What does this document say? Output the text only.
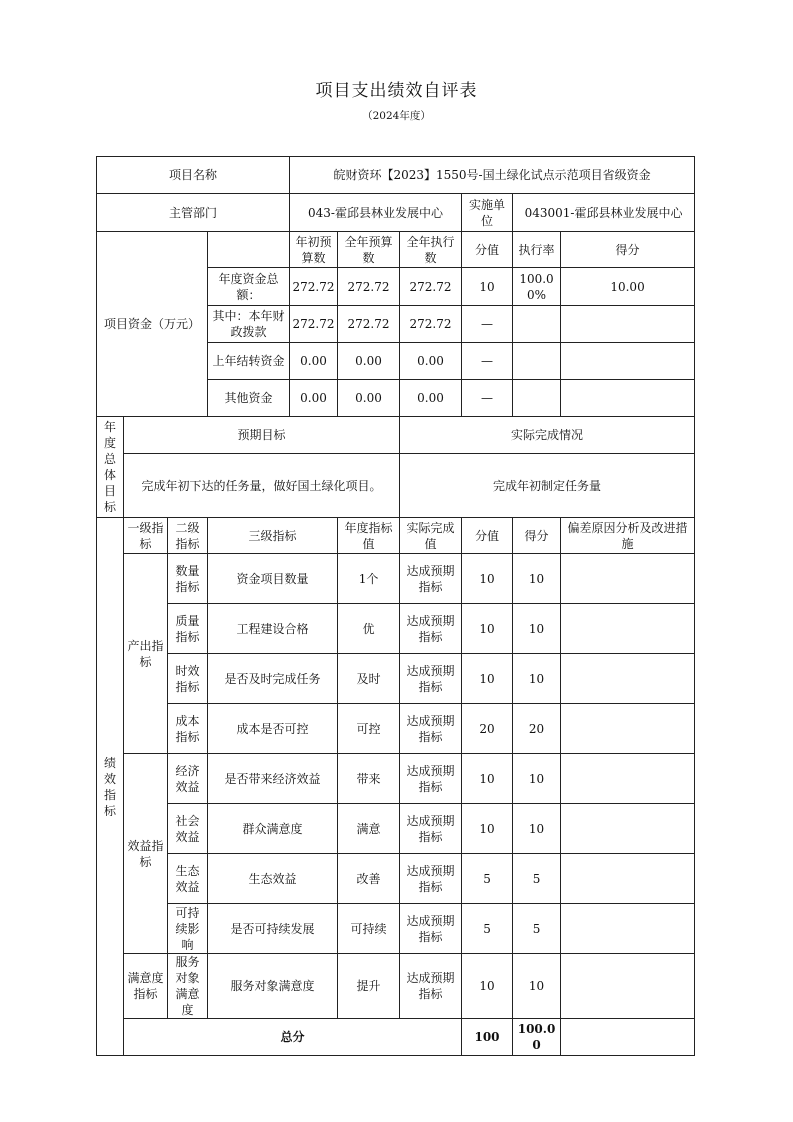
项目支出绩效自评表
（2024年度）
项目名称				皖财资环【2023】1550号-国土绿化试点示范项目省级资金					
主管部门				043-霍邱县林业发展中心			实施单位	043001-霍邱县林业发展中心	
项目资金（万元）				年初预算数	全年预算数	全年执行数	分值	执行率	得分
			年度资金总额：	272.72	272.72	272.72	10	100.00%	10.00
			其中：本年财政拨款	272.72	272.72	272.72	—		
			上年结转资金	0.00	0.00	0.00	—		
			其他资金	0.00	0.00	0.00	—		
年度总体目标	预期目标					实际完成情况			
	完成年初下达的任务量，做好国土绿化项目。					完成年初制定任务量			
绩效指标	一级指标	二级指标	三级指标		年度指标值	实际完成值	分值	得分	偏差原因分析及改进措施
	产出指标	数量指标	资金项目数量		1个	达成预期指标	10	10	
		质量指标	工程建设合格		优	达成预期指标	10	10	
		时效指标	是否及时完成任务		及时	达成预期指标	10	10	
		成本指标	成本是否可控		可控	达成预期指标	20	20	
	效益指标	经济效益	是否带来经济效益		带来	达成预期指标	10	10	
		社会效益	群众满意度		满意	达成预期指标	10	10	
		生态效益	生态效益		改善	达成预期指标	5	5	
		可持续影响	是否可持续发展		可持续	达成预期指标	5	5	
	满意度指标	服务对象满意度	服务对象满意度		提升	达成预期指标	10	10	
	总分						100	100.00	
